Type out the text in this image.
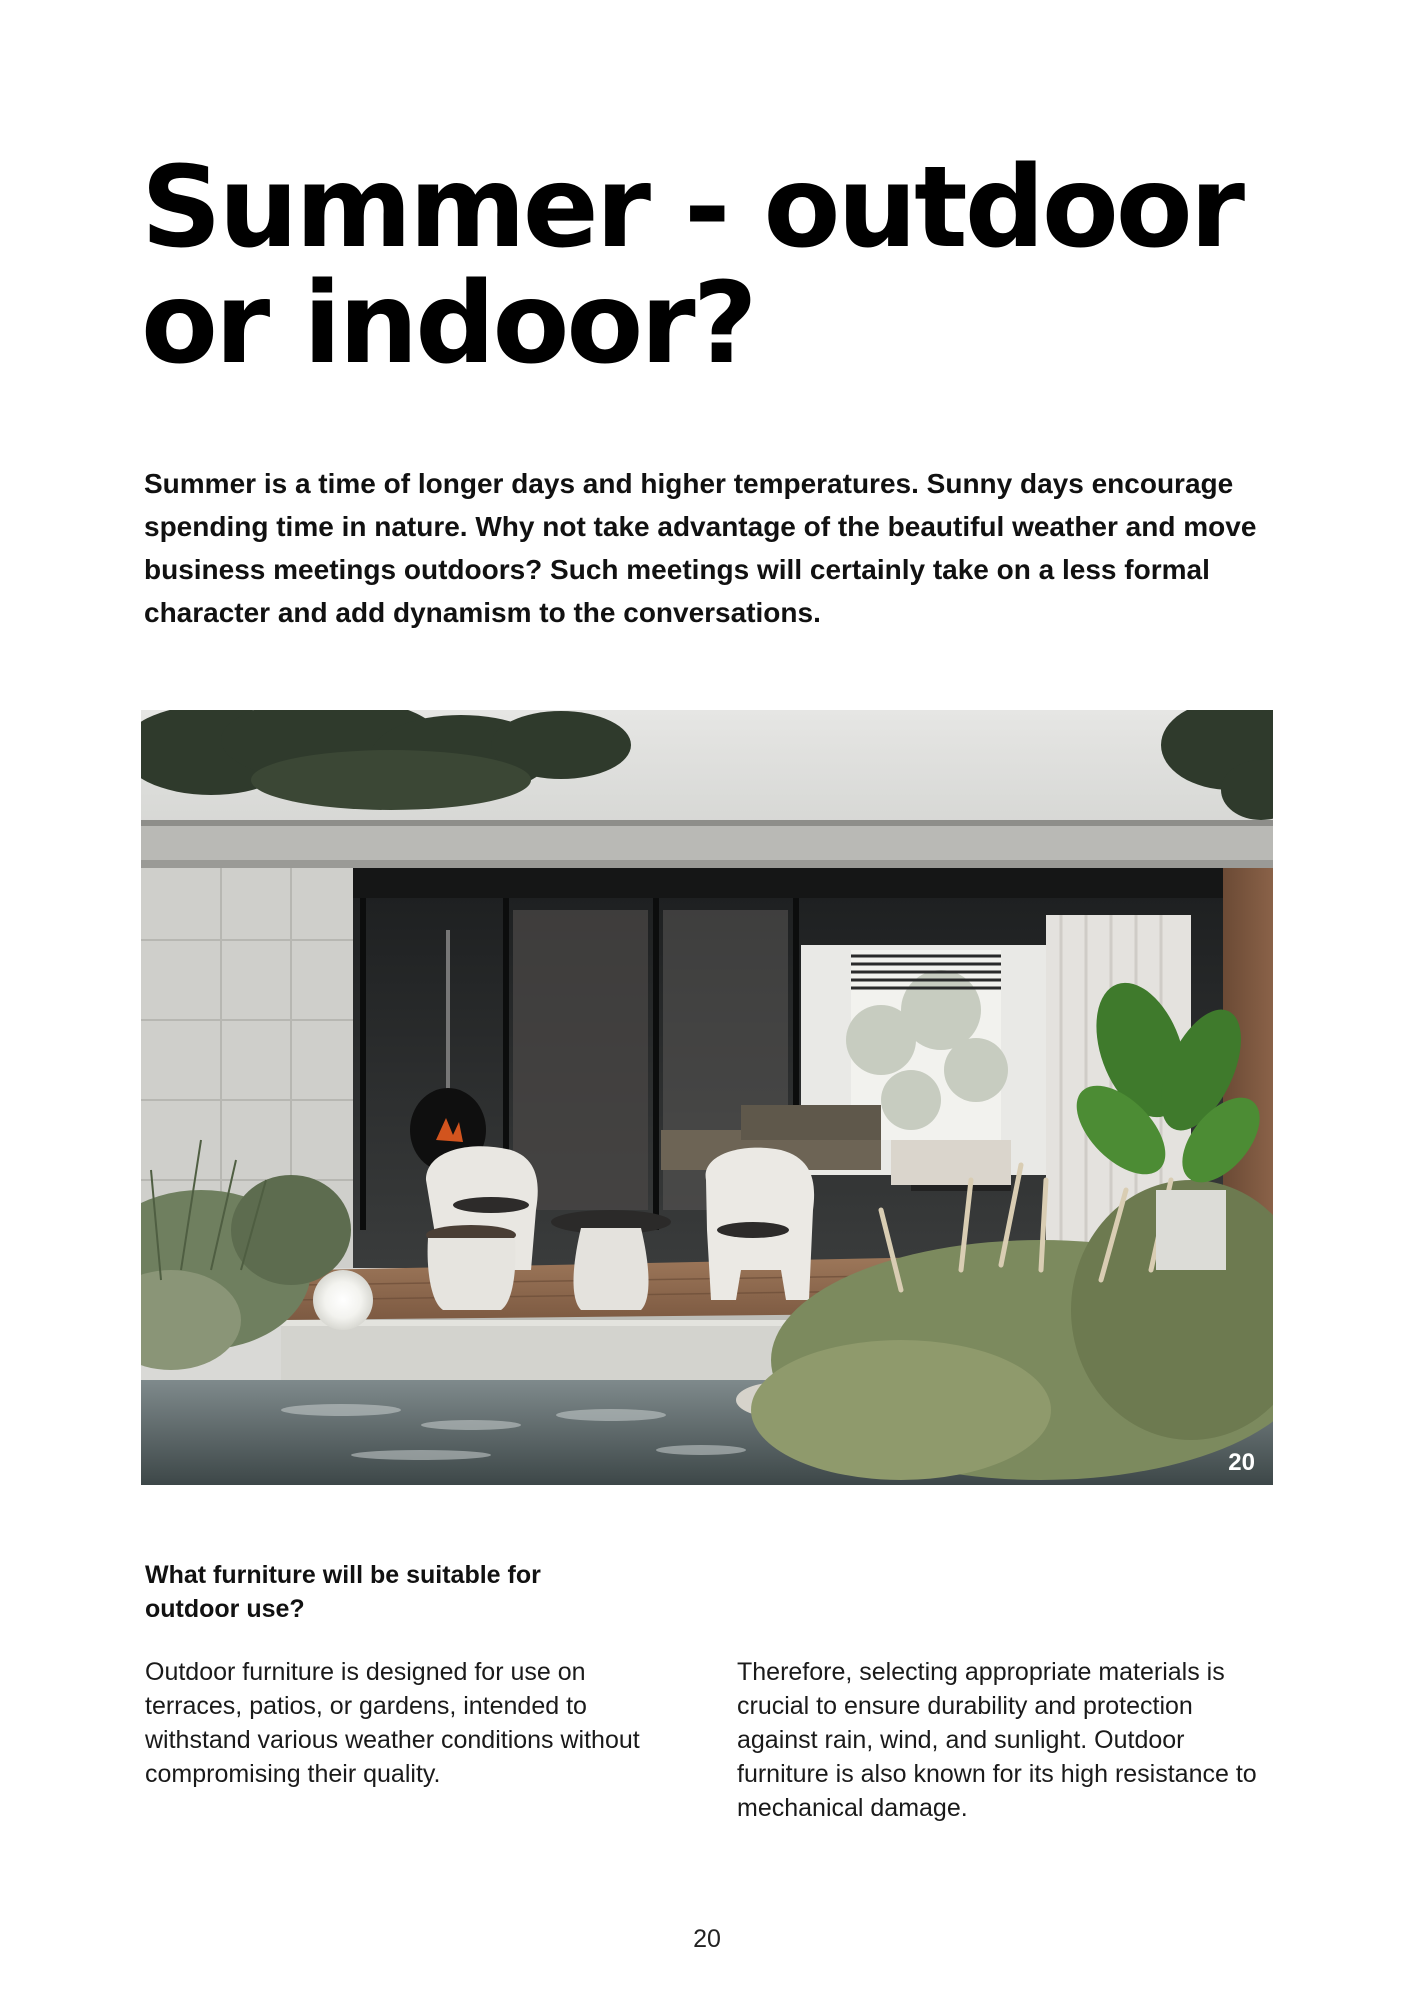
Summer - outdoor or indoor?

Summer is a time of longer days and higher temperatures. Sunny days encourage spending time in nature. Why not take advantage of the beautiful weather and move business meetings outdoors? Such meetings will certainly take on a less formal character and add dynamism to the conversations.

20
What furniture will be suitable for outdoor use?

Outdoor furniture is designed for use on terraces, patios, or gardens, intended to withstand various weather conditions without compromising their quality.

Therefore, selecting appropriate materials is crucial to ensure durability and protection against rain, wind, and sunlight. Outdoor furniture is also known for its high resistance to mechanical damage.

20
